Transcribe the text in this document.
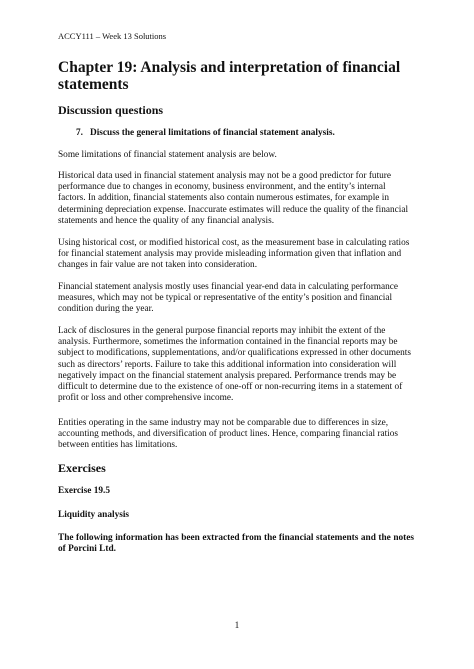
ACCY111 – Week 13 Solutions
Chapter 19: Analysis and interpretation of financial statements
Discussion questions
7. Discuss the general limitations of financial statement analysis.
Some limitations of financial statement analysis are below.
Historical data used in financial statement analysis may not be a good predictor for future performance due to changes in economy, business environment, and the entity’s internal factors. In addition, financial statements also contain numerous estimates, for example in determining depreciation expense. Inaccurate estimates will reduce the quality of the financial statements and hence the quality of any financial analysis.
Using historical cost, or modified historical cost, as the measurement base in calculating ratios for financial statement analysis may provide misleading information given that inflation and changes in fair value are not taken into consideration.
Financial statement analysis mostly uses financial year-end data in calculating performance measures, which may not be typical or representative of the entity’s position and financial condition during the year.
Lack of disclosures in the general purpose financial reports may inhibit the extent of the analysis. Furthermore, sometimes the information contained in the financial reports may be subject to modifications, supplementations, and/or qualifications expressed in other documents such as directors’ reports. Failure to take this additional information into consideration will negatively impact on the financial statement analysis prepared. Performance trends may be difficult to determine due to the existence of one-off or non-recurring items in a statement of profit or loss and other comprehensive income.
Entities operating in the same industry may not be comparable due to differences in size, accounting methods, and diversification of product lines. Hence, comparing financial ratios between entities has limitations.
Exercises
Exercise 19.5
Liquidity analysis
The following information has been extracted from the financial statements and the notes of Porcini Ltd.
1
